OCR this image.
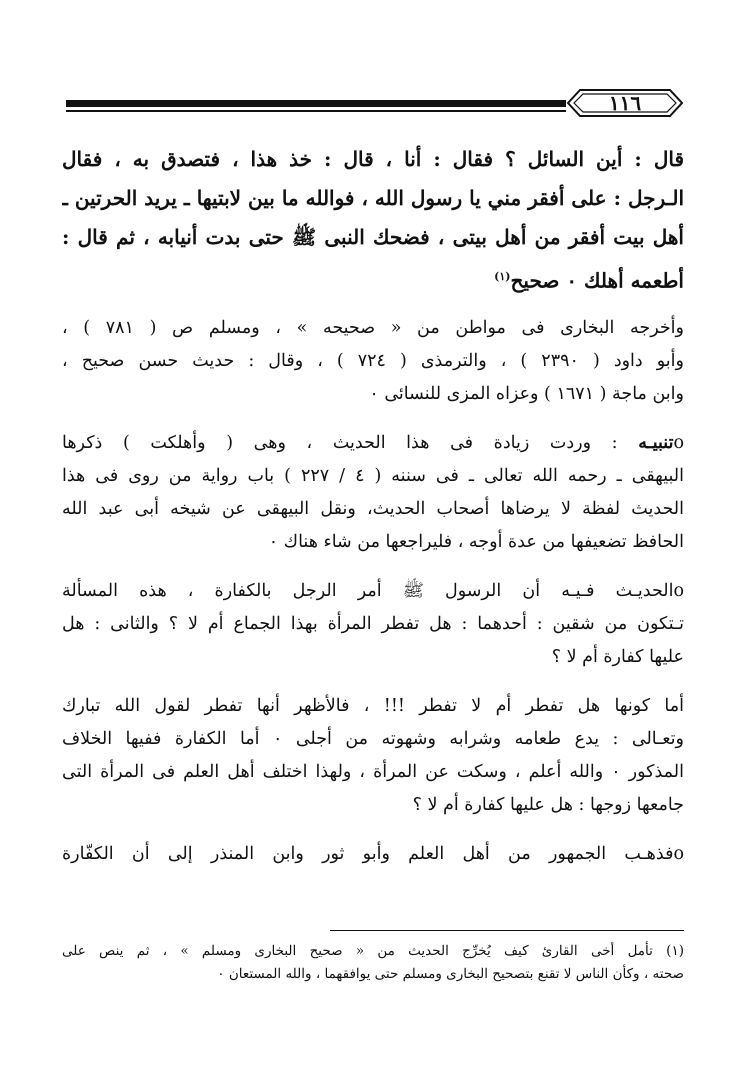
١١٦
قال : أين السائل ؟ فقال : أنا ، قال : خذ هذا ، فتصدق به ، فقال
الـرجل : على أفقر مني يا رسول الله ، فوالله ما بين لابتيها ـ يريد الحرتين ـ
أهل بيت أفقر من أهل بيتى ، فضحك النبى ﷺ حتى بدت أنيابه ، ثم قال :
أطعمه أهلك ٠ صحيح$^{(١)}$
وأخرجه البخارى فى مواطن من « صحيحه » ، ومسلم ص ( ٧٨١ ) ،
وأبو داود ( ٢٣٩٠ ) ، والترمذى ( ٧٢٤ ) ، وقال : حديث حسن صحيح ،
وابن ماجة ( ١٦٧١ ) وعزاه المزى للنسائى ٠
oتنبيـه : وردت زيادة فى هذا الحديث ، وهى ( وأهلكت ) ذكرها
البيهقى ـ رحمه الله تعالى ـ فى سننه ( ٤ / ٢٢٧ ) باب رواية من روى فى هذا
الحديث لفظة لا يرضاها أصحاب الحديث، ونقل البيهقى عن شيخه أبى عبد الله
الحافظ تضعيفها من عدة أوجه ، فليراجعها من شاء هناك ٠
oالحديـث فـيـه أن الرسول ﷺ أمر الرجل بالكفارة ، هذه المسألة
تـتكون من شقين : أحدهما : هل تفطر المرأة بهذا الجماع أم لا ؟ والثانى : هل
عليها كفارة أم لا ؟
أما كونها هل تفطر أم لا تفطر !!! ، فالأظهر أنها تفطر لقول الله تبارك
وتعـالى : يدع طعامه وشرابه وشهوته من أجلى ٠ أما الكفارة ففيها الخلاف
المذكور ٠ والله أعلم ، وسكت عن المرأة ، ولهذا اختلف أهل العلم فى المرأة التى
جامعها زوجها : هل عليها كفارة أم لا ؟
oفذهـب الجمهور من أهل العلم وأبو ثور وابن المنذر إلى أن الكفّارة
(١) تأمل أخى القارئ كيف يُخرِّج الحديث من « صحيح البخارى ومسلم » ، ثم ينص على
صحته ، وكأن الناس لا تقنع بتصحيح البخارى ومسلم حتى يوافقهما ، والله المستعان ٠
